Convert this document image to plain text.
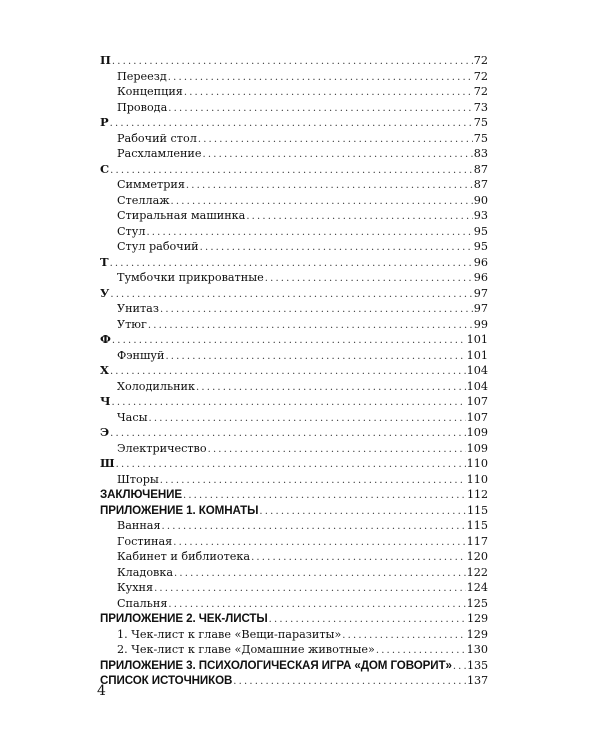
П . . .	72
Переезд . . .	72
Концепция . . .	72
Провода . . .	73
Р . . .	75
Рабочий стол . . .	75
Расхламление . . .	83
С . . .	87
Симметрия . . .	87
Стеллаж . . .	90
Стиральная машинка . . .	93
Стул . . .	95
Стул рабочий . . .	95
Т . . .	96
Тумбочки прикроватные . . .	96
У . . .	97
Унитаз . . .	97
Утюг . . .	99
Ф . . .	101
Фэншуй . . .	101
Х . . .	104
Холодильник . . .	104
Ч . . .	107
Часы . . .	107
Э . . .	109
Электричество . . .	109
Ш . . .	110
Шторы . . .	110
ЗАКЛЮЧЕНИЕ . . .	112
ПРИЛОЖЕНИЕ 1. КОМНАТЫ . . .	115
Ванная . . .	115
Гостиная . . .	117
Кабинет и библиотека . . .	120
Кладовка . . .	122
Кухня . . .	124
Спальня . . .	125
ПРИЛОЖЕНИЕ 2. ЧЕК-ЛИСТЫ . . .	129
1. Чек-лист к главе «Вещи-паразиты» . . .	129
2. Чек-лист к главе «Домашние животные» . . .	130
ПРИЛОЖЕНИЕ 3. ПСИХОЛОГИЧЕСКАЯ ИГРА «ДОМ ГОВОРИТ» . . . 135
СПИСОК ИСТОЧНИКОВ . . .	137
4
